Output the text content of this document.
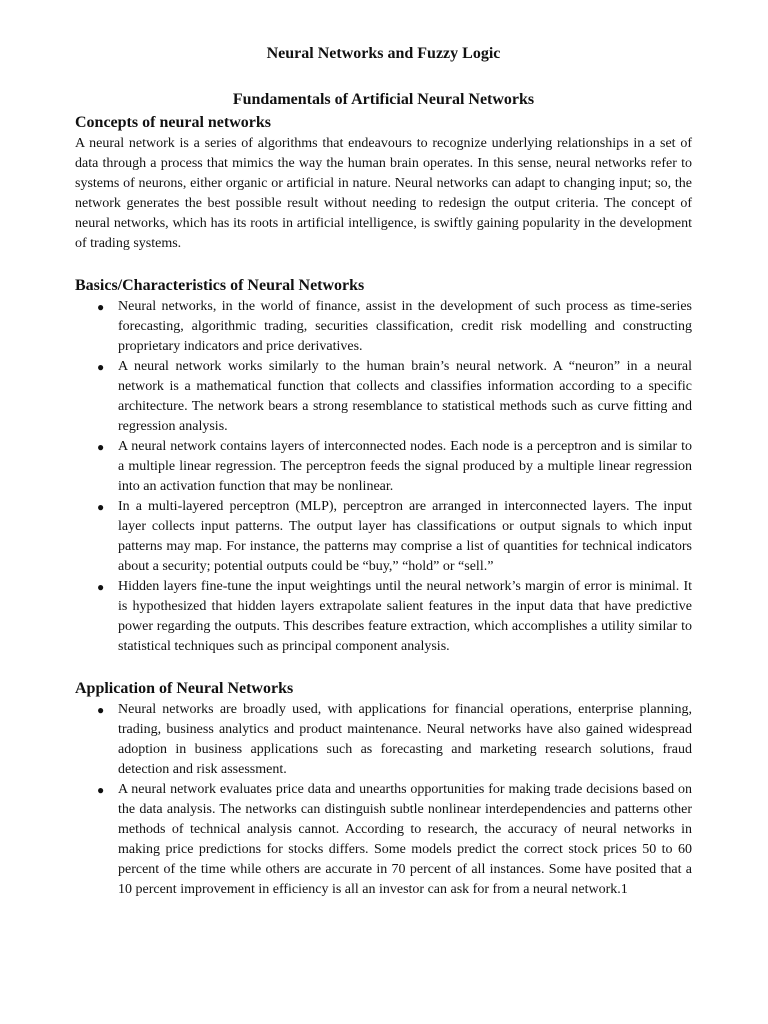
Neural Networks and Fuzzy Logic
Fundamentals of Artificial Neural Networks
Concepts of neural networks

A neural network is a series of algorithms that endeavours to recognize underlying relationships in a set of data through a process that mimics the way the human brain operates. In this sense, neural networks refer to systems of neurons, either organic or artificial in nature. Neural networks can adapt to changing input; so, the network generates the best possible result without needing to redesign the output criteria. The concept of neural networks, which has its roots in artificial intelligence, is swiftly gaining popularity in the development of trading systems.

Basics/Characteristics of Neural Networks
● Neural networks, in the world of finance, assist in the development of such process as time-series forecasting, algorithmic trading, securities classification, credit risk modelling and constructing proprietary indicators and price derivatives.
● A neural network works similarly to the human brain’s neural network. A “neuron” in a neural network is a mathematical function that collects and classifies information according to a specific architecture. The network bears a strong resemblance to statistical methods such as curve fitting and regression analysis.
● A neural network contains layers of interconnected nodes. Each node is a perceptron and is similar to a multiple linear regression. The perceptron feeds the signal produced by a multiple linear regression into an activation function that may be nonlinear.
● In a multi-layered perceptron (MLP), perceptron are arranged in interconnected layers. The input layer collects input patterns. The output layer has classifications or output signals to which input patterns may map. For instance, the patterns may comprise a list of quantities for technical indicators about a security; potential outputs could be “buy,” “hold” or “sell.”
● Hidden layers fine-tune the input weightings until the neural network’s margin of error is minimal. It is hypothesized that hidden layers extrapolate salient features in the input data that have predictive power regarding the outputs. This describes feature extraction, which accomplishes a utility similar to statistical techniques such as principal component analysis.
Application of Neural Networks
● Neural networks are broadly used, with applications for financial operations, enterprise planning, trading, business analytics and product maintenance. Neural networks have also gained widespread adoption in business applications such as forecasting and marketing research solutions, fraud detection and risk assessment.
● A neural network evaluates price data and unearths opportunities for making trade decisions based on the data analysis. The networks can distinguish subtle nonlinear interdependencies and patterns other methods of technical analysis cannot. According to research, the accuracy of neural networks in making price predictions for stocks differs. Some models predict the correct stock prices 50 to 60 percent of the time while others are accurate in 70 percent of all instances. Some have posited that a 10 percent improvement in efficiency is all an investor can ask for from a neural network.1
